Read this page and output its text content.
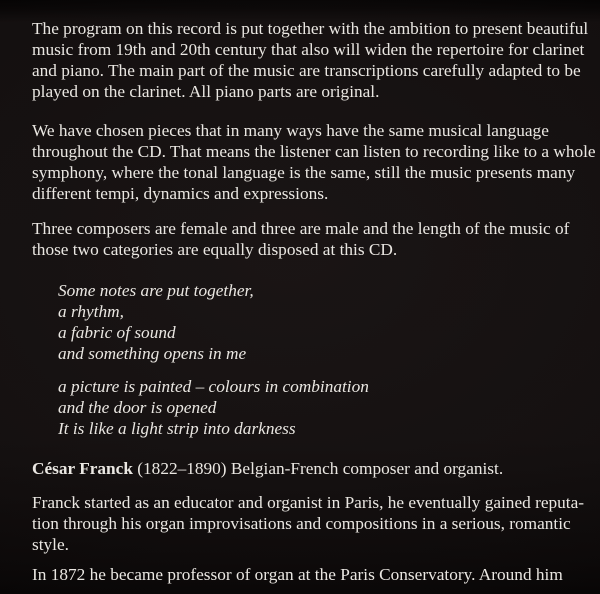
The program on this record is put together with the ambition to present beautiful
music from 19th and 20th century that also will widen the repertoire for clarinet
and piano. The main part of the music are transcriptions carefully adapted to be
played on the clarinet. All piano parts are original.

We have chosen pieces that in many ways have the same musical language
throughout the CD. That means the listener can listen to recording like to a whole
symphony, where the tonal language is the same, still the music presents many
different tempi, dynamics and expressions.

Three composers are female and three are male and the length of the music of
those two categories are equally disposed at this CD.

Some notes are put together,
a rhythm,
a fabric of sound
and something opens in me

a picture is painted – colours in combination
and the door is opened
It is like a light strip into darkness

César Franck (1822–1890) Belgian-French composer and organist.

Franck started as an educator and organist in Paris, he eventually gained reputa-
tion through his organ improvisations and compositions in a serious, romantic
style.

In 1872 he became professor of organ at the Paris Conservatory. Around him
